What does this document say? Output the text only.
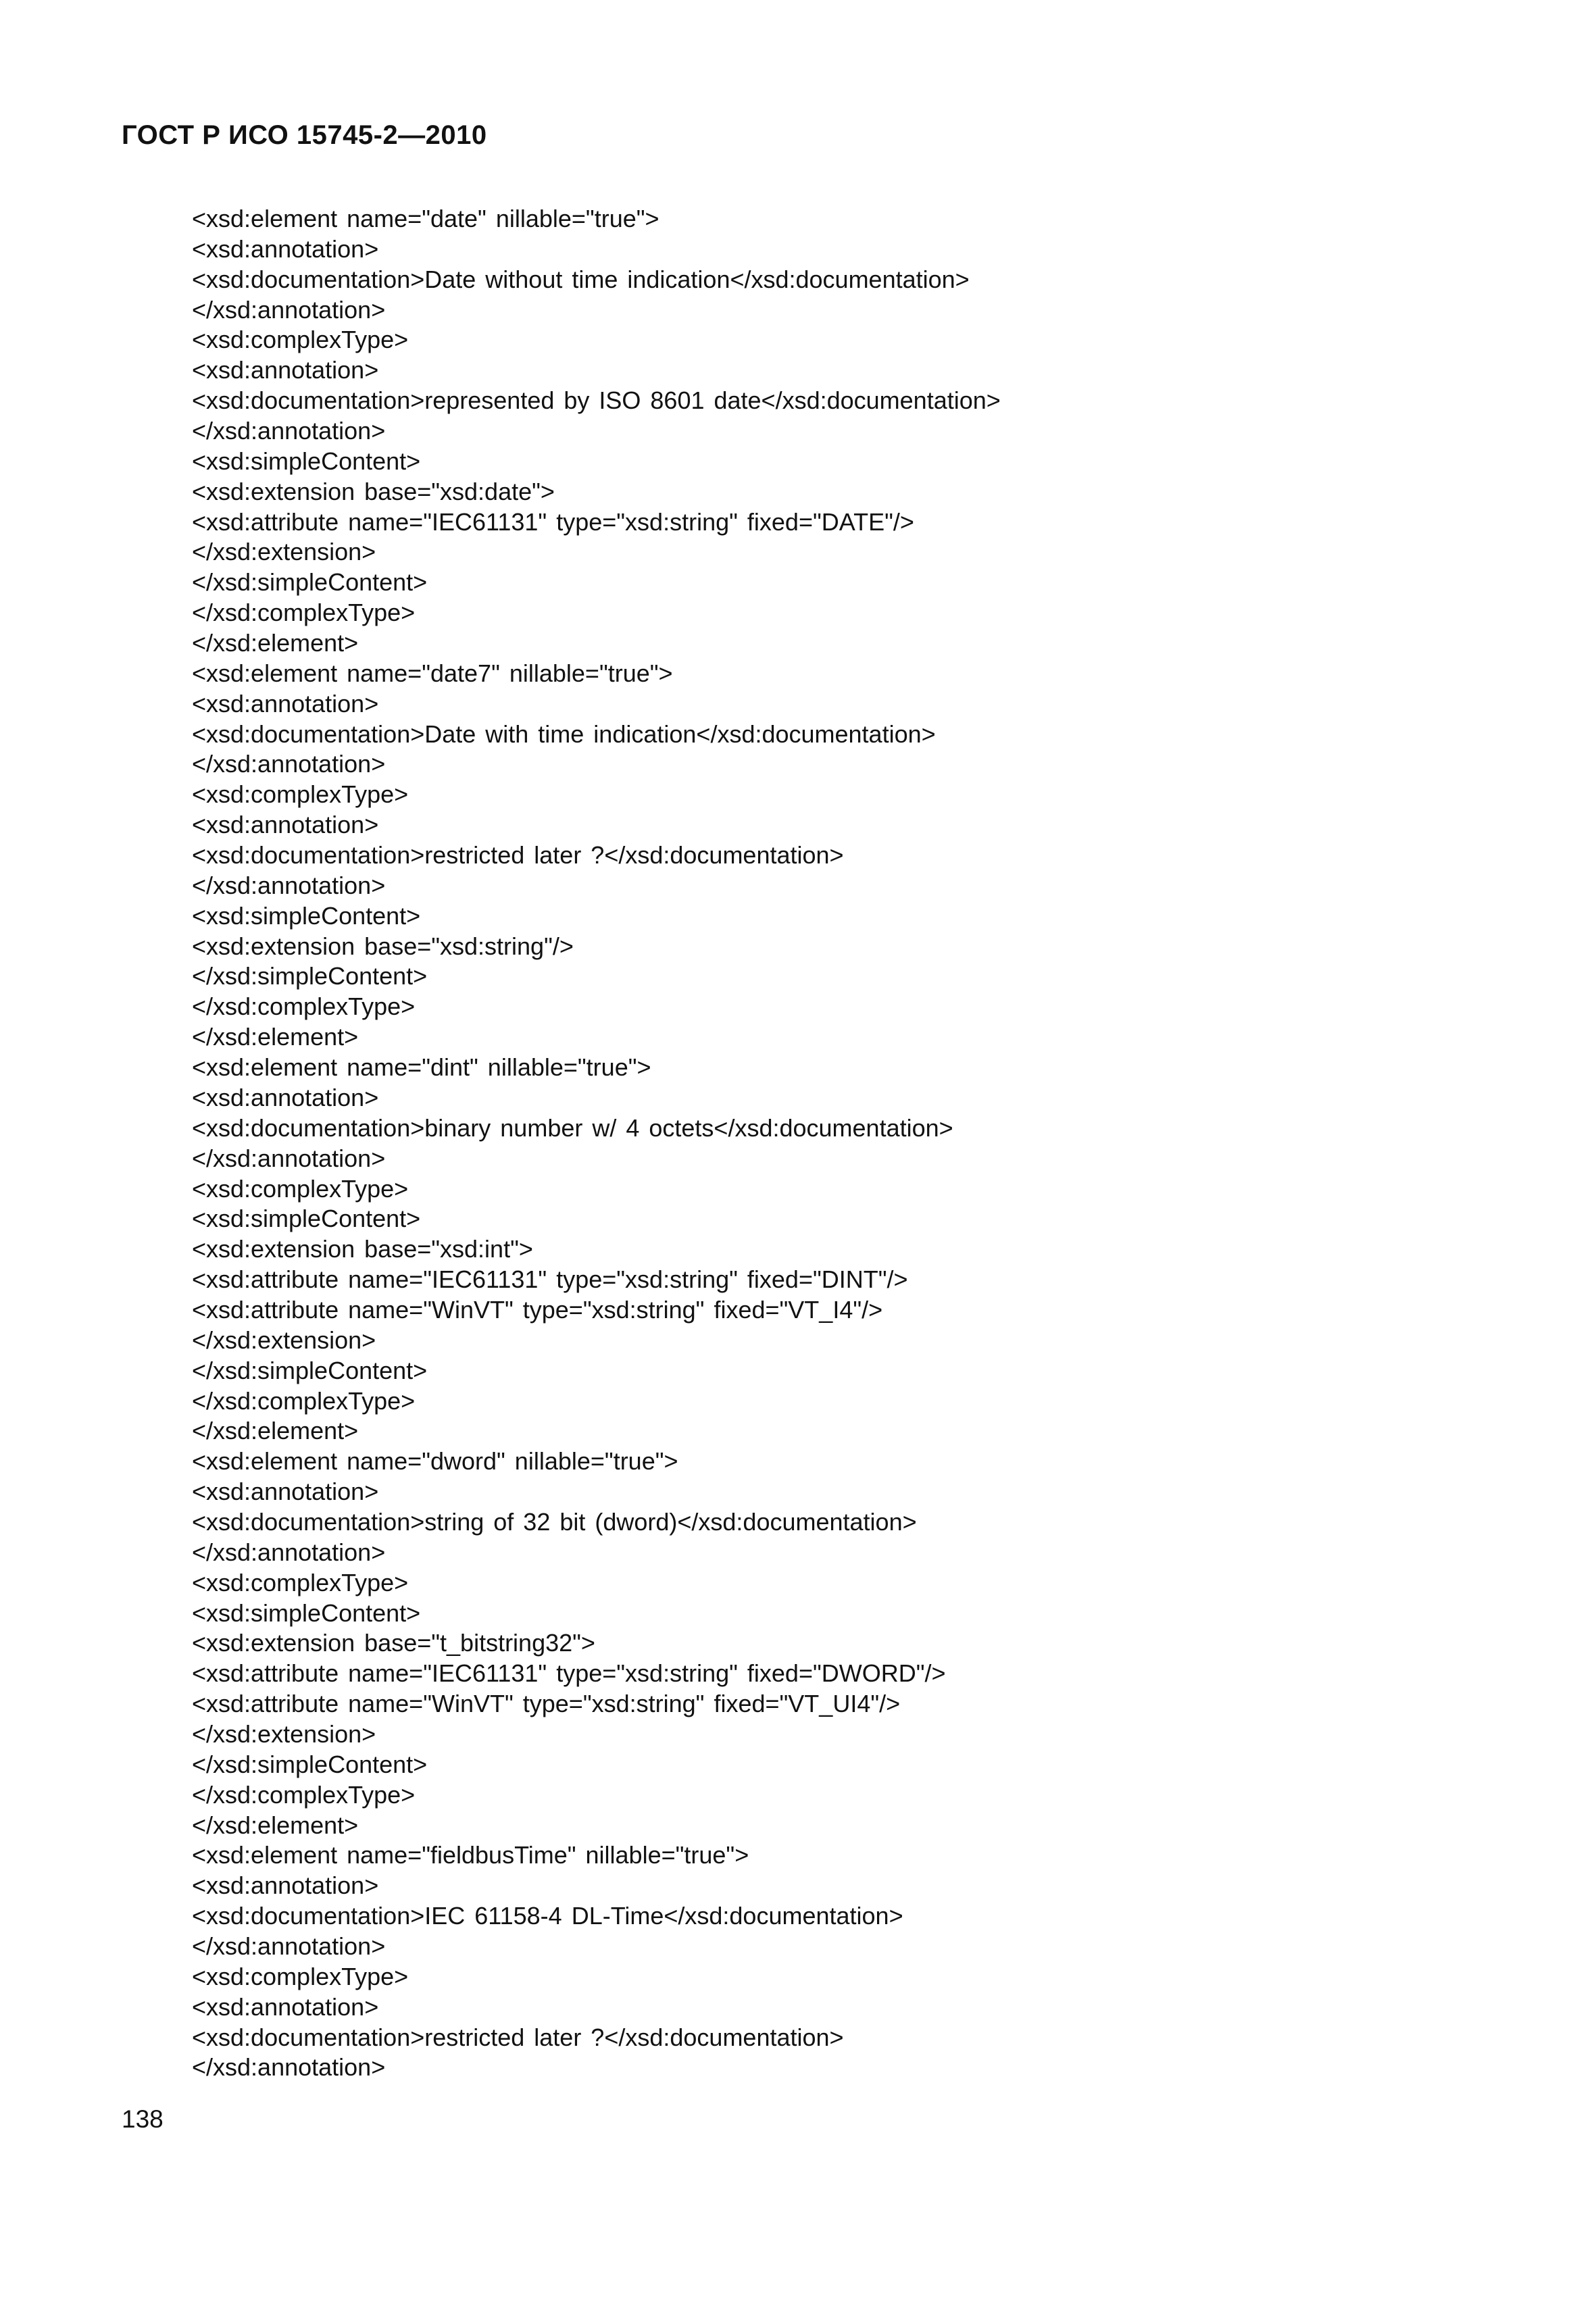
ГОСТ Р ИСО 15745-2—2010
<xsd:element name="date" nillable="true">
<xsd:annotation>
<xsd:documentation>Date without time indication</xsd:documentation>
</xsd:annotation>
<xsd:complexType>
<xsd:annotation>
<xsd:documentation>represented by ISO 8601 date</xsd:documentation>
</xsd:annotation>
<xsd:simpleContent>
<xsd:extension base="xsd:date">
<xsd:attribute name="IEC61131" type="xsd:string" fixed="DATE"/>
</xsd:extension>
</xsd:simpleContent>
</xsd:complexType>
</xsd:element>
<xsd:element name="date7" nillable="true">
<xsd:annotation>
<xsd:documentation>Date with time indication</xsd:documentation>
</xsd:annotation>
<xsd:complexType>
<xsd:annotation>
<xsd:documentation>restricted later ?</xsd:documentation>
</xsd:annotation>
<xsd:simpleContent>
<xsd:extension base="xsd:string"/>
</xsd:simpleContent>
</xsd:complexType>
</xsd:element>
<xsd:element name="dint" nillable="true">
<xsd:annotation>
<xsd:documentation>binary number w/ 4 octets</xsd:documentation>
</xsd:annotation>
<xsd:complexType>
<xsd:simpleContent>
<xsd:extension base="xsd:int">
<xsd:attribute name="IEC61131" type="xsd:string" fixed="DINT"/>
<xsd:attribute name="WinVT" type="xsd:string" fixed="VT_I4"/>
</xsd:extension>
</xsd:simpleContent>
</xsd:complexType>
</xsd:element>
<xsd:element name="dword" nillable="true">
<xsd:annotation>
<xsd:documentation>string of 32 bit (dword)</xsd:documentation>
</xsd:annotation>
<xsd:complexType>
<xsd:simpleContent>
<xsd:extension base="t_bitstring32">
<xsd:attribute name="IEC61131" type="xsd:string" fixed="DWORD"/>
<xsd:attribute name="WinVT" type="xsd:string" fixed="VT_UI4"/>
</xsd:extension>
</xsd:simpleContent>
</xsd:complexType>
</xsd:element>
<xsd:element name="fieldbusTime" nillable="true">
<xsd:annotation>
<xsd:documentation>IEC 61158-4 DL-Time</xsd:documentation>
</xsd:annotation>
<xsd:complexType>
<xsd:annotation>
<xsd:documentation>restricted later ?</xsd:documentation>
</xsd:annotation>
138
